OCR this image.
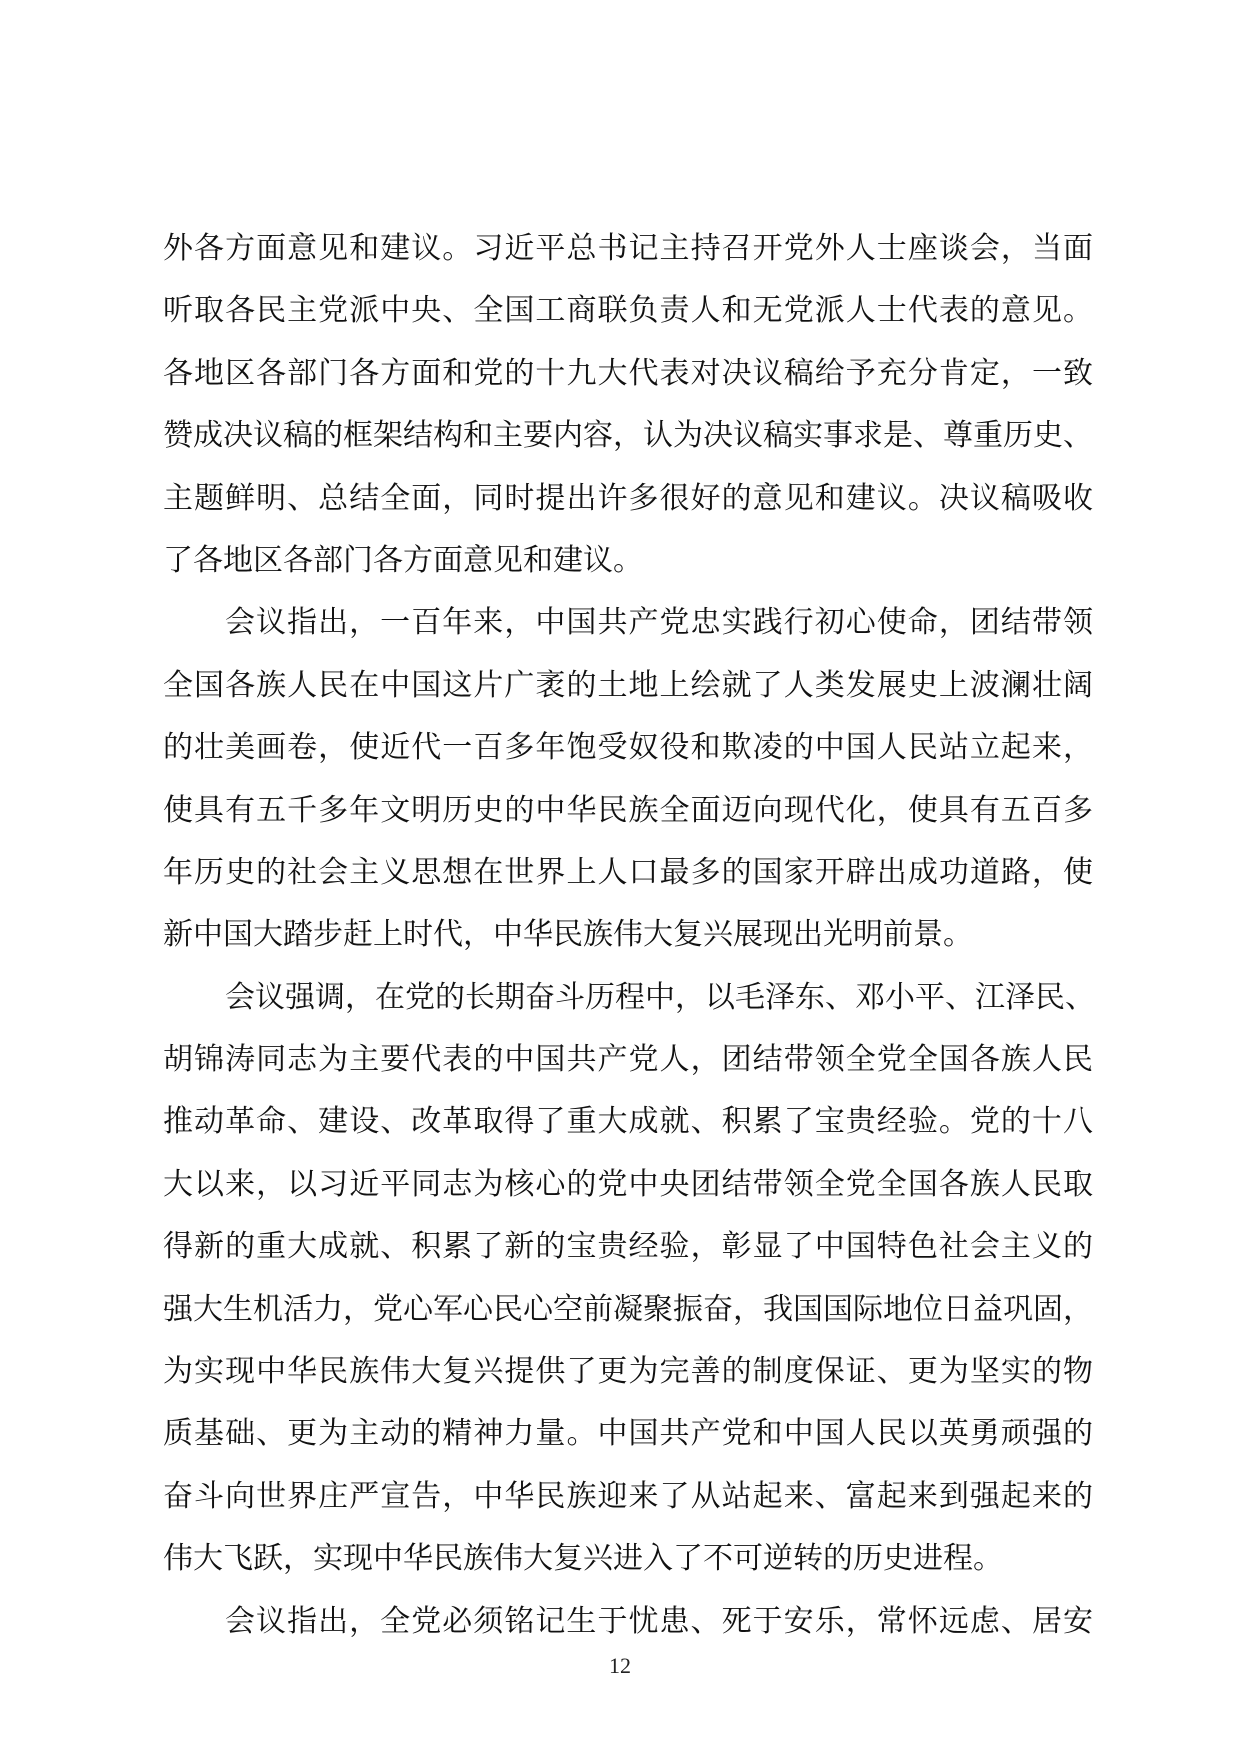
外各方面意见和建议。习近平总书记主持召开党外人士座谈会，当面
听取各民主党派中央、全国工商联负责人和无党派人士代表的意见。
各地区各部门各方面和党的十九大代表对决议稿给予充分肯定，一致
赞成决议稿的框架结构和主要内容，认为决议稿实事求是、尊重历史、
主题鲜明、总结全面，同时提出许多很好的意见和建议。决议稿吸收
了各地区各部门各方面意见和建议。
会议指出，一百年来，中国共产党忠实践行初心使命，团结带领
全国各族人民在中国这片广袤的土地上绘就了人类发展史上波澜壮阔
的壮美画卷，使近代一百多年饱受奴役和欺凌的中国人民站立起来，
使具有五千多年文明历史的中华民族全面迈向现代化，使具有五百多
年历史的社会主义思想在世界上人口最多的国家开辟出成功道路，使
新中国大踏步赶上时代，中华民族伟大复兴展现出光明前景。
会议强调，在党的长期奋斗历程中，以毛泽东、邓小平、江泽民、
胡锦涛同志为主要代表的中国共产党人，团结带领全党全国各族人民
推动革命、建设、改革取得了重大成就、积累了宝贵经验。党的十八
大以来，以习近平同志为核心的党中央团结带领全党全国各族人民取
得新的重大成就、积累了新的宝贵经验，彰显了中国特色社会主义的
强大生机活力，党心军心民心空前凝聚振奋，我国国际地位日益巩固，
为实现中华民族伟大复兴提供了更为完善的制度保证、更为坚实的物
质基础、更为主动的精神力量。中国共产党和中国人民以英勇顽强的
奋斗向世界庄严宣告，中华民族迎来了从站起来、富起来到强起来的
伟大飞跃，实现中华民族伟大复兴进入了不可逆转的历史进程。
会议指出，全党必须铭记生于忧患、死于安乐，常怀远虑、居安
12
